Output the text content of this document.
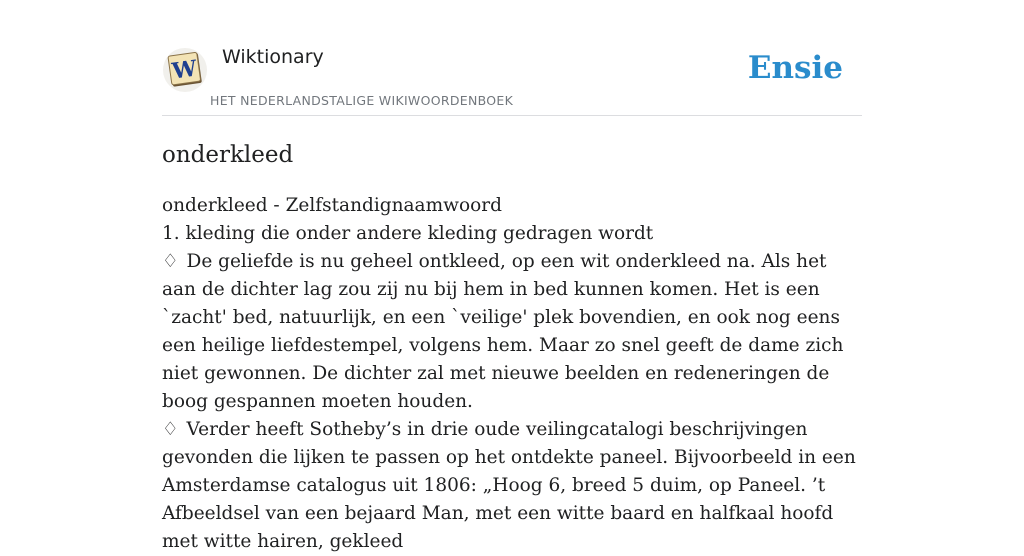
W Wiktionary
HET NEDERLANDSTALIGE WIKIWOORDENBOEK
Ensie
onderkleed

onderkleed - Zelfstandignaamwoord

1. kleding die onder andere kleding gedragen wordt

♢ De geliefde is nu geheel ontkleed, op een wit onderkleed na. Als het aan de dichter lag zou zij nu bij hem in bed kunnen komen. Het is een `zacht' bed, natuurlijk, en een `veilige' plek bovendien, en ook nog eens een heilige liefdestempel, volgens hem. Maar zo snel geeft de dame zich niet gewonnen. De dichter zal met nieuwe beelden en redeneringen de boog gespannen moeten houden.

♢ Verder heeft Sotheby’s in drie oude veilingcatalogi beschrijvingen gevonden die lijken te passen op het ontdekte paneel. Bijvoorbeeld in een Amsterdamse catalogus uit 1806: „Hoog 6, breed 5 duim, op Paneel. ’t Afbeeldsel van een bejaard Man, met een witte baard en halfkaal hoofd met witte hairen, gekleed
